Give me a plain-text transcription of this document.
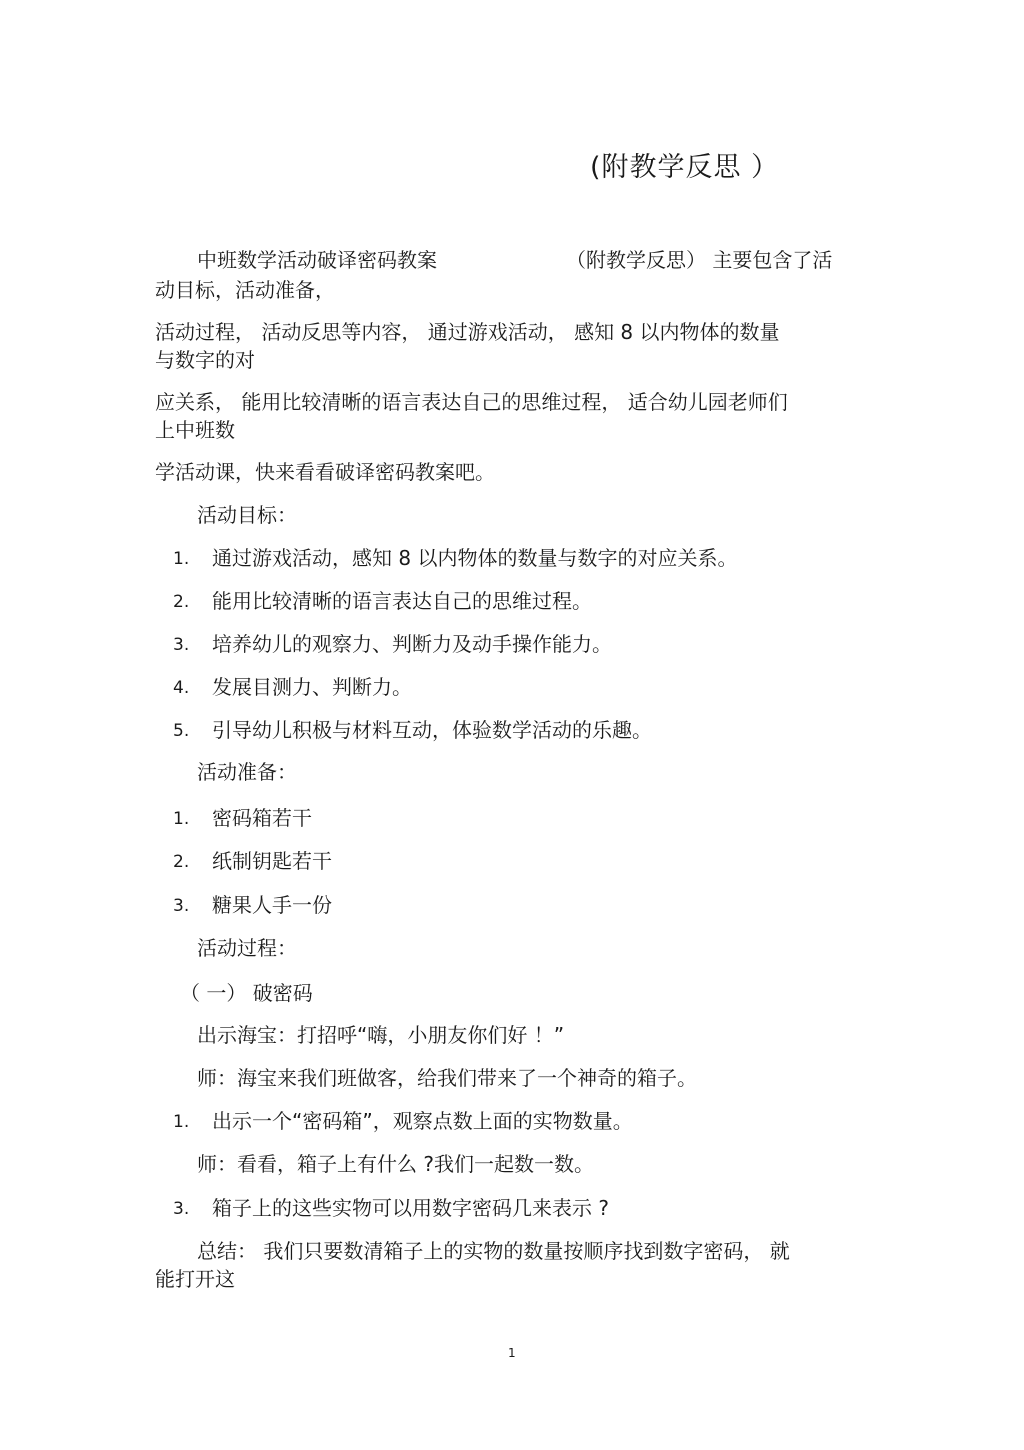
(附教学反思 ）
中班数学活动破译密码教案	（附教学反思） 主要包含了活
动目标，活动准备，
活动过程， 活动反思等内容， 通过游戏活动， 感知 8 以内物体的数量
与数字的对
应关系， 能用比较清晰的语言表达自己的思维过程， 适合幼儿园老师们
上中班数
学活动课，快来看看破译密码教案吧。
活动目标：
1. 通过游戏活动，感知 8 以内物体的数量与数字的对应关系。
2. 能用比较清晰的语言表达自己的思维过程。
3. 培养幼儿的观察力、判断力及动手操作能力。
4. 发展目测力、判断力。
5. 引导幼儿积极与材料互动，体验数学活动的乐趣。
活动准备：
1. 密码箱若干
2. 纸制钥匙若干
3. 糖果人手一份
活动过程：
（ 一） 破密码
出示海宝：打招呼“嗨，小朋友你们好 ！”
师：海宝来我们班做客，给我们带来了一个神奇的箱子。
1. 出示一个“密码箱”，观察点数上面的实物数量。
师：看看，箱子上有什么 ?我们一起数一数。
3. 箱子上的这些实物可以用数字密码几来表示 ?
总结： 我们只要数清箱子上的实物的数量按顺序找到数字密码， 就
能打开这
1
